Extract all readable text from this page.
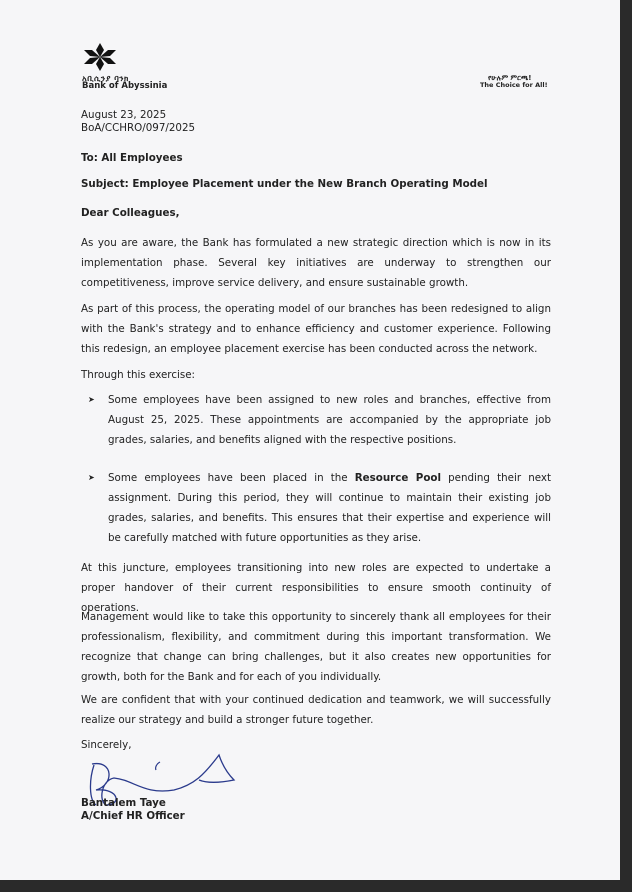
አቢሲንያ ባንክ
Bank of Abyssinia
የሁሉም ምርጫ!
The Choice for All!
August 23, 2025
BoA/CCHRO/097/2025
To: All Employees
Subject: Employee Placement under the New Branch Operating Model
Dear Colleagues,
As you are aware, the Bank has formulated a new strategic direction which is now in its implementation phase. Several key initiatives are underway to strengthen our competitiveness, improve service delivery, and ensure sustainable growth.
As part of this process, the operating model of our branches has been redesigned to align with the Bank's strategy and to enhance efficiency and customer experience. Following this redesign, an employee placement exercise has been conducted across the network.
Through this exercise:
➤ Some employees have been assigned to new roles and branches, effective from August 25, 2025. These appointments are accompanied by the appropriate job grades, salaries, and benefits aligned with the respective positions.
➤ Some employees have been placed in the Resource Pool pending their next assignment. During this period, they will continue to maintain their existing job grades, salaries, and benefits. This ensures that their expertise and experience will be carefully matched with future opportunities as they arise.
At this juncture, employees transitioning into new roles are expected to undertake a proper handover of their current responsibilities to ensure smooth continuity of operations.
Management would like to take this opportunity to sincerely thank all employees for their professionalism, flexibility, and commitment during this important transformation. We recognize that change can bring challenges, but it also creates new opportunities for growth, both for the Bank and for each of you individually.
We are confident that with your continued dedication and teamwork, we will successfully realize our strategy and build a stronger future together.
Sincerely,
Bantalem Taye
A/Chief HR Officer
